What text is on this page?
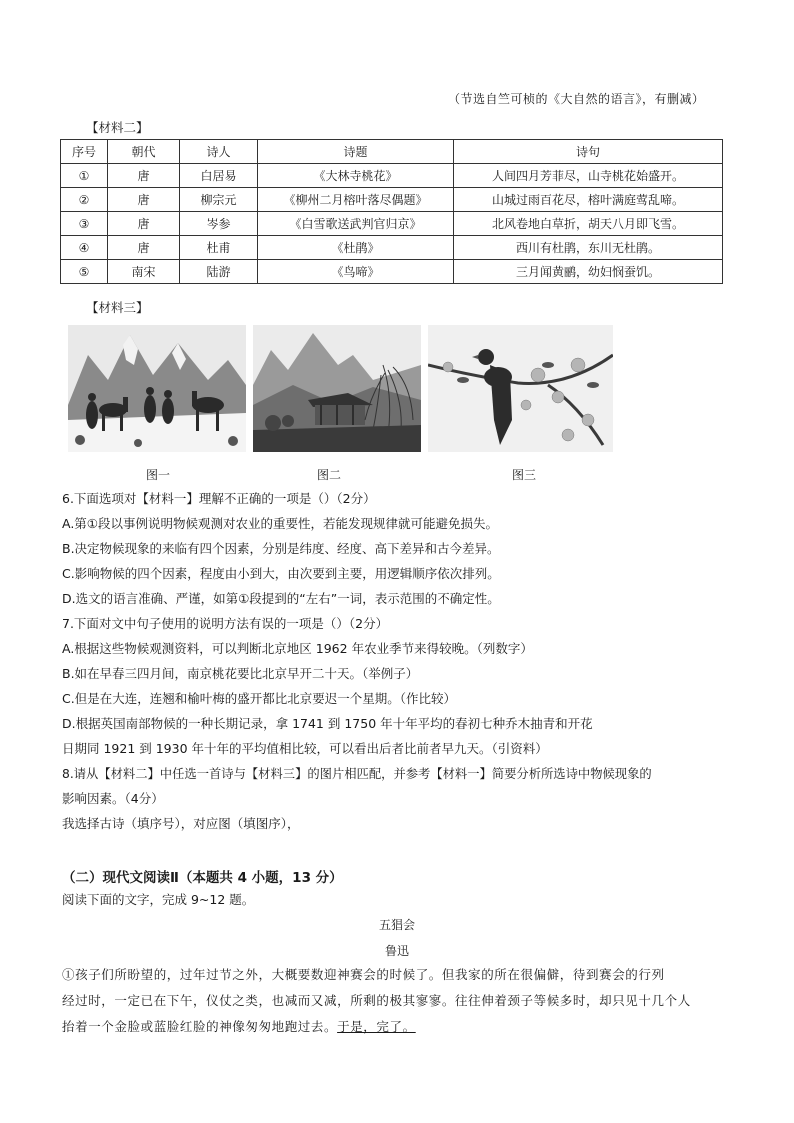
（节选自竺可桢的《大自然的语言》，有删减）
【材料二】
序号	朝代	诗人	诗题	诗句
①	唐	白居易	《大林寺桃花》	人间四月芳菲尽，山寺桃花始盛开。
②	唐	柳宗元	《柳州二月榕叶落尽偶题》	山城过雨百花尽，榕叶满庭莺乱啼。
③	唐	岑参	《白雪歌送武判官归京》	北风卷地白草折，胡天八月即飞雪。
④	唐	杜甫	《杜鹃》	西川有杜鹃，东川无杜鹃。
⑤	南宋	陆游	《鸟啼》	三月闻黄鹂，幼妇悯蚕饥。
【材料三】
图一	图二	图三
6.下面选项对【材料一】理解不正确的一项是（）（2分）
A.第①段以事例说明物候观测对农业的重要性，若能发现规律就可能避免损失。
B.决定物候现象的来临有四个因素，分别是纬度、经度、高下差异和古今差异。
C.影响物候的四个因素，程度由小到大，由次要到主要，用逻辑顺序依次排列。
D.选文的语言准确、严谨，如第①段提到的“左右”一词，表示范围的不确定性。
7.下面对文中句子使用的说明方法有误的一项是（）（2分）
A.根据这些物候观测资料，可以判断北京地区 1962 年农业季节来得较晚。（列数字）
B.如在早春三四月间，南京桃花要比北京早开二十天。（举例子）
C.但是在大连，连翘和榆叶梅的盛开都比北京要迟一个星期。（作比较）
D.根据英国南部物候的一种长期记录，拿 1741 到 1750 年十年平均的春初七种乔木抽青和开花
日期同 1921 到 1930 年十年的平均值相比较，可以看出后者比前者早九天。（引资料）
8.请从【材料二】中任选一首诗与【材料三】的图片相匹配，并参考【材料一】简要分析所选诗中物候现象的
影响因素。（4分）
我选择古诗（填序号），对应图（填图序），
（二）现代文阅读Ⅱ（本题共 4 小题，13 分）
阅读下面的文字，完成 9~12 题。
五猖会
鲁迅
①孩子们所盼望的，过年过节之外，大概要数迎神赛会的时候了。但我家的所在很偏僻，待到赛会的行列
经过时，一定已在下午，仪仗之类，也减而又减，所剩的极其寥寥。往往伸着颈子等候多时，却只见十几个人
抬着一个金脸或蓝脸红脸的神像匆匆地跑过去。于是，完了。
